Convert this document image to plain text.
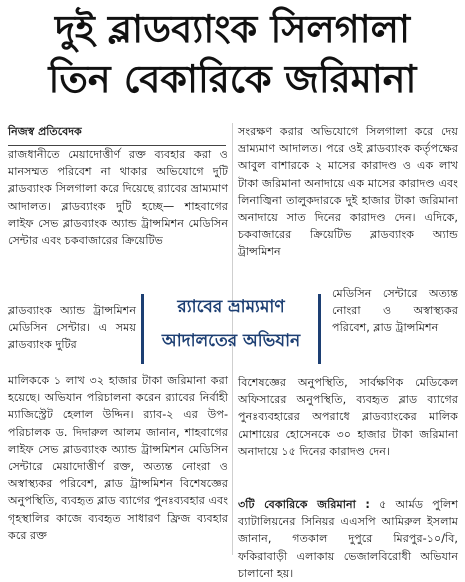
দুই ব্লাডব্যাংক সিলগালা
তিন বেকারিকে জরিমানা
নিজস্ব প্রতিবেদক

রাজধানীতে মেয়াদোত্তীর্ণ রক্ত ব্যবহার করা ও মানসম্মত পরিবেশ না থাকার অভিযোগে দুটি ব্লাডব্যাংক সিলগালা করে দিয়েছে র‍্যাবের ভ্রাম্যমাণ আদালত। ব্লাডব্যাংক দুটি হচ্ছে— শাহবাগের লাইফ সেভ ব্লাডব্যাংক অ্যান্ড ট্রান্সমিশন মেডিসিন সেন্টার এবং চকবাজারের ক্রিয়েটিভ

ব্লাডব্যাংক অ্যান্ড ট্রান্সমিশন মেডিসিন সেন্টার। এ সময় ব্লাডব্যাংক দুটির

র‍্যাবের ভ্রাম্যমাণ
আদালতের অভিযান

মালিককে ১ লাখ ৩২ হাজার টাকা জরিমানা করা হয়েছে। অভিযান পরিচালনা করেন র‍্যাবের নির্বাহী ম্যাজিস্ট্রেট হেলাল উদ্দিন। র‍্যাব-২ এর উপ-পরিচালক ড. দিদারুল আলম জানান, শাহবাগের লাইফ সেভ ব্লাডব্যাংক অ্যান্ড ট্রান্সমিশন মেডিসিন সেন্টারে মেয়াদোত্তীর্ণ রক্ত, অত্যন্ত নোংরা ও অস্বাস্থ্যকর পরিবেশ, ব্লাড ট্রান্সমিশন বিশেষজ্ঞের অনুপস্থিতি, ব্যবহৃত ব্লাড ব্যাগের পুনঃব্যবহার এবং গৃহস্থালির কাজে ব্যবহৃত সাধারণ ফ্রিজ ব্যবহার করে রক্ত

সংরক্ষণ করার অভিযোগে সিলগালা করে দেয় ভ্রাম্যমাণ আদালত। পরে ওই ব্লাডব্যাংক কর্তৃপক্ষের আবুল বাশারকে ২ মাসের কারাদণ্ড ও এক লাখ টাকা জরিমানা অনাদায়ে এক মাসের কারাদণ্ড এবং লিনাজ্বিনা তালুকদারকে দুই হাজার টাকা জরিমানা অনাদায়ে সাত দিনের কারাদণ্ড দেন। এদিকে, চকবাজারের ক্রিয়েটিভ ব্লাডব্যাংক অ্যান্ড ট্রান্সমিশন

মেডিসিন সেন্টারে অত্যন্ত নোংরা ও অস্বাস্থ্যকর পরিবেশ, ব্লাড ট্রান্সমিশন

বিশেষজ্ঞের অনুপস্থিতি, সার্বক্ষণিক মেডিকেল অফিসারের অনুপস্থিতি, ব্যবহৃত ব্লাড ব্যাগের পুনঃব্যবহারের অপরাধে ব্লাডব্যাংকের মালিক মোশায়ের হোসেনকে ৩০ হাজার টাকা জরিমানা অনাদায়ে ১৫ দিনের কারাদণ্ড দেন।

৩টি বেকারিকে জরিমানা : ৫ আর্মড পুলিশ ব্যাটালিয়নের সিনিয়র এএসপি আমিরুল ইসলাম জানান, গতকাল দুপুরে মিরপুর-১০/বি, ফকিরাবাড়ী এলাকায় ভেজালবিরোধী অভিযান চালানো হয়।
